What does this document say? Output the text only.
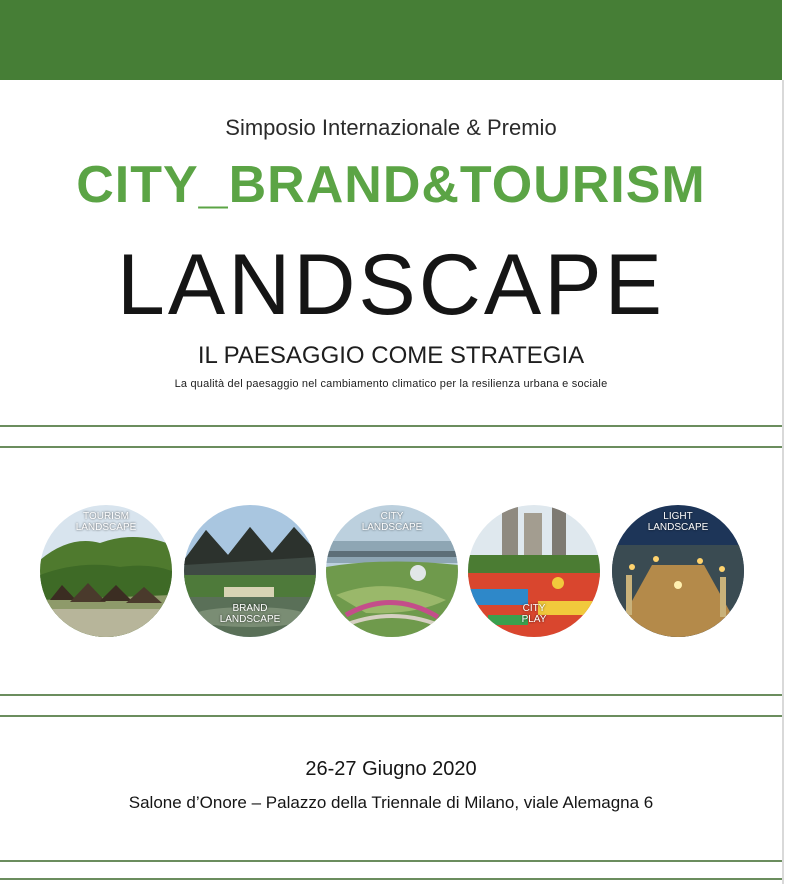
Simposio Internazionale & Premio
CITY_BRAND&TOURISM
LANDSCAPE
IL PAESAGGIO COME STRATEGIA
La qualità del paesaggio nel cambiamento climatico per la resilienza urbana e sociale
TOURISM
LANDSCAPE
BRAND
LANDSCAPE
CITY
LANDSCAPE
CITY
PLAY
LIGHT
LANDSCAPE
26-27 Giugno 2020
Salone d’Onore – Palazzo della Triennale di Milano, viale Alemagna 6
